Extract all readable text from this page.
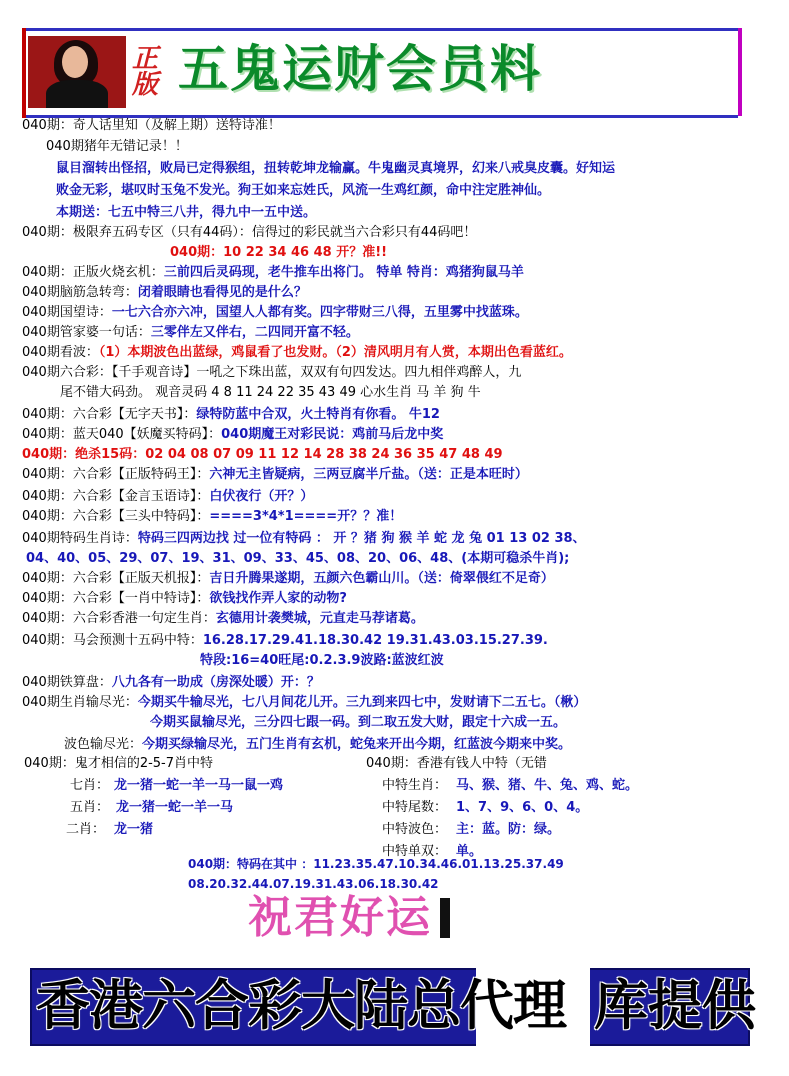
正版 五鬼运财会员料
040期：奇人话里知（及解上期）送特诗准！
040期猪年无错记录！！
鼠目溜转出怪招，败局已定得猴组，扭转乾坤龙输赢。牛鬼幽灵真境界，幻来八戒臭皮囊。好知运
败金无彩，堪叹时玉兔不发光。狗王如来忘姓氏，风流一生鸡红颜，命中注定胜神仙。
本期送：七五中特三八井，得九中一五中送。
040期：极限弃五码专区（只有44码）：信得过的彩民就当六合彩只有44码吧！
040期：10 22 34 46 48 开？准!!
040期：正版火烧玄机：三前四后灵码现，老牛推车出将门。 特单 特肖：鸡猪狗鼠马羊
040期脑筋急转弯：闭着眼睛也看得见的是什么？
040期国望诗：一七六合亦六冲，国望人人都有奖。四字带财三八得，五里雾中找蓝珠。
040期管家婆一句话：三零伴左又伴右，二四同开富不轻。
040期看波：（1）本期波色出蓝绿，鸡鼠看了也发财。（2）清风明月有人赏，本期出色看蓝红。
040期六合彩：【千手观音诗】一吼之下珠出蓝，双双有句四发达。四九相伴鸡醉人，九
尾不错大码劲。 观音灵码 4 8 11 24 22 35 43 49 心水生肖 马 羊 狗 牛
040期：六合彩【无字天书】：绿特防蓝中合双，火土特肖有你看。 牛12
040期：蓝天040【妖魔买特码】：040期魔王对彩民说：鸡前马后龙中奖
040期：绝杀15码：02 04 08 07 09 11 12 14 28 38 24 36 35 47 48 49
040期：六合彩【正版特码王】：六神无主皆疑病，三两豆腐半斤盐。（送：正是本旺时）
040期：六合彩【金言玉语诗】：白伏夜行（开？）
040期：六合彩【三头中特码】：====3*4*1====开？？准！
040期特码生肖诗：特码三四两边找 过一位有特码 ： 开 ？猪 狗 猴 羊 蛇 龙 兔 01 13 02 38、
04、40、05、29、07、19、31、09、33、45、08、20、06、48、(本期可稳杀牛肖);
040期：六合彩【正版天机报】：吉日升腾果遂期，五颜六色霸山川。（送：倚翠偎红不足奇）
040期：六合彩【一肖中特诗】：欲钱找作弄人家的动物?
040期：六合彩香港一句定生肖：玄德用计袭樊城，元直走马荐诸葛。
040期：马会预测十五码中特：16.28.17.29.41.18.30.42 19.31.43.03.15.27.39.
特段:16=40旺尾:0.2.3.9波路:蓝波红波
040期铁算盘：八九各有一助成（房深处暖）开：？
040期生肖输尽光：今期买牛输尽光，七八月间花儿开。三九到来四七中，发财请下二五七。（楸）
今期买鼠输尽光，三分四七跟一码。到二取五发大财，跟定十六成一五。
波色输尽光：今期买绿输尽光，五门生肖有玄机，蛇兔来开出今期，红蓝波今期来中奖。
040期：鬼才相信的2-5-7肖中特
七肖： 龙一猪一蛇一羊一马一鼠一鸡
五肖： 龙一猪一蛇一羊一马
二肖： 龙一猪
040期：香港有钱人中特（无错
中特生肖： 马、猴、猪、牛、兔、鸡、蛇。
中特尾数： 1、7、9、6、0、4。
中特波色： 主：蓝。防：绿。
中特单双： 单。
040期：特码在其中 ：11.23.35.47.10.34.46.01.13.25.37.49
08.20.32.44.07.19.31.43.06.18.30.42
祝君好运
香港六合彩大陆总代理 库提供
